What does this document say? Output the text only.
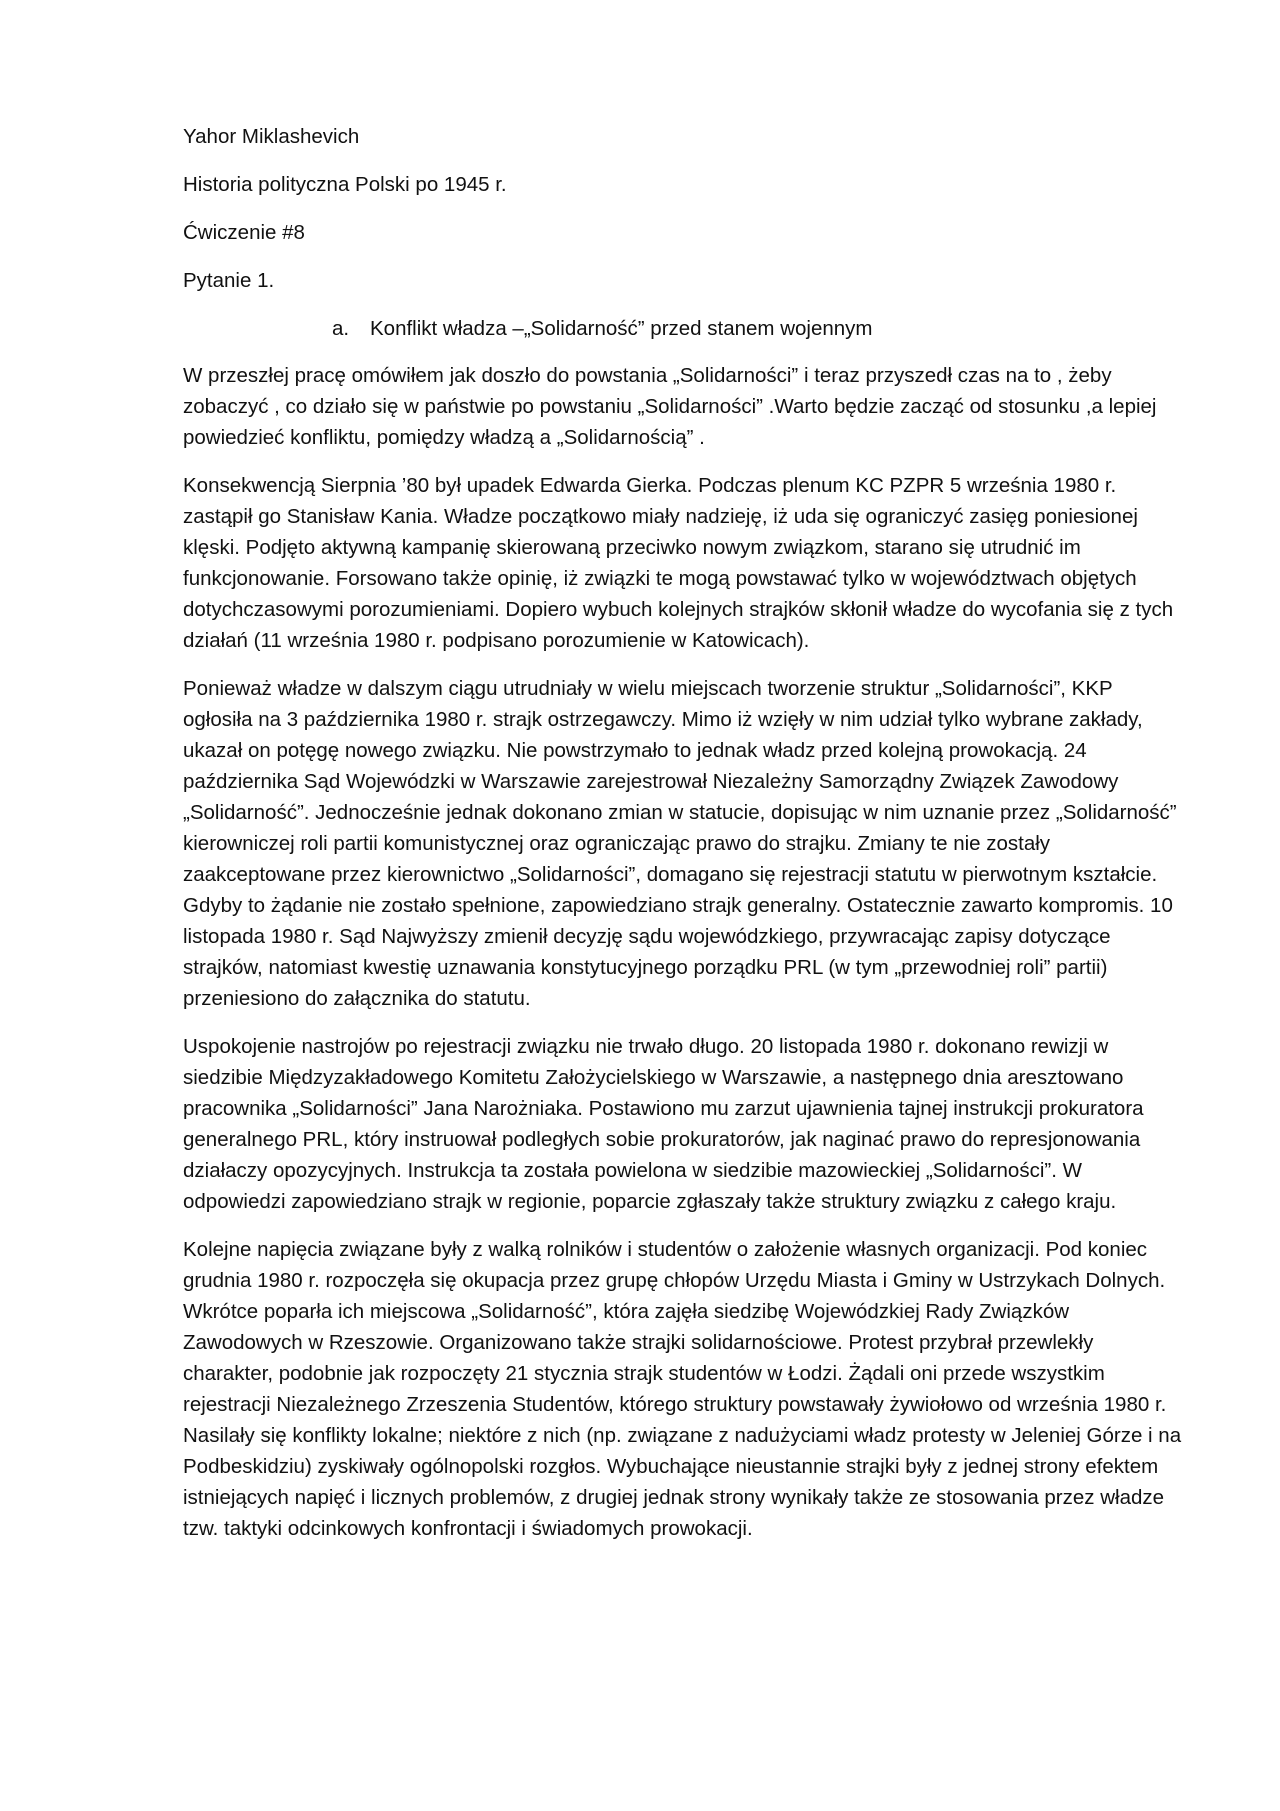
Yahor Miklashevich
Historia polityczna Polski po 1945 r.
Ćwiczenie #8
Pytanie 1.
a. Konflikt władza –„Solidarność” przed stanem wojennym

W przeszłej pracę omówiłem jak doszło do powstania „Solidarności” i teraz przyszedł czas na to , żeby zobaczyć , co działo się w państwie po powstaniu „Solidarności” .Warto będzie zacząć od stosunku ,a lepiej powiedzieć konfliktu, pomiędzy władzą a „Solidarnością” .

Konsekwencją Sierpnia ’80 był upadek Edwarda Gierka. Podczas plenum KC PZPR 5 września 1980 r. zastąpił go Stanisław Kania. Władze początkowo miały nadzieję, iż uda się ograniczyć zasięg poniesionej klęski. Podjęto aktywną kampanię skierowaną przeciwko nowym związkom, starano się utrudnić im funkcjonowanie. Forsowano także opinię, iż związki te mogą powstawać tylko w województwach objętych dotychczasowymi porozumieniami. Dopiero wybuch kolejnych strajków skłonił władze do wycofania się z tych działań (11 września 1980 r. podpisano porozumienie w Katowicach).

Ponieważ władze w dalszym ciągu utrudniały w wielu miejscach tworzenie struktur „Solidarności”, KKP ogłosiła na 3 października 1980 r. strajk ostrzegawczy. Mimo iż wzięły w nim udział tylko wybrane zakłady, ukazał on potęgę nowego związku. Nie powstrzymało to jednak władz przed kolejną prowokacją. 24 października Sąd Wojewódzki w Warszawie zarejestrował Niezależny Samorządny Związek Zawodowy „Solidarność”. Jednocześnie jednak dokonano zmian w statucie, dopisując w nim uznanie przez „Solidarność” kierowniczej roli partii komunistycznej oraz ograniczając prawo do strajku. Zmiany te nie zostały zaakceptowane przez kierownictwo „Solidarności”, domagano się rejestracji statutu w pierwotnym kształcie. Gdyby to żądanie nie zostało spełnione, zapowiedziano strajk generalny. Ostatecznie zawarto kompromis. 10 listopada 1980 r. Sąd Najwyższy zmienił decyzję sądu wojewódzkiego, przywracając zapisy dotyczące strajków, natomiast kwestię uznawania konstytucyjnego porządku PRL (w tym „przewodniej roli” partii) przeniesiono do załącznika do statutu.

Uspokojenie nastrojów po rejestracji związku nie trwało długo. 20 listopada 1980 r. dokonano rewizji w siedzibie Międzyzakładowego Komitetu Założycielskiego w Warszawie, a następnego dnia aresztowano pracownika „Solidarności” Jana Narożniaka. Postawiono mu zarzut ujawnienia tajnej instrukcji prokuratora generalnego PRL, który instruował podległych sobie prokuratorów, jak naginać prawo do represjonowania działaczy opozycyjnych. Instrukcja ta została powielona w siedzibie mazowieckiej „Solidarności”. W odpowiedzi zapowiedziano strajk w regionie, poparcie zgłaszały także struktury związku z całego kraju.

Kolejne napięcia związane były z walką rolników i studentów o założenie własnych organizacji. Pod koniec grudnia 1980 r. rozpoczęła się okupacja przez grupę chłopów Urzędu Miasta i Gminy w Ustrzykach Dolnych. Wkrótce poparła ich miejscowa „Solidarność”, która zajęła siedzibę Wojewódzkiej Rady Związków Zawodowych w Rzeszowie. Organizowano także strajki solidarnościowe. Protest przybrał przewlekły charakter, podobnie jak rozpoczęty 21 stycznia strajk studentów w Łodzi. Żądali oni przede wszystkim rejestracji Niezależnego Zrzeszenia Studentów, którego struktury powstawały żywiołowo od września 1980 r. Nasilały się konflikty lokalne; niektóre z nich (np. związane z nadużyciami władz protesty w Jeleniej Górze i na Podbeskidziu) zyskiwały ogólnopolski rozgłos. Wybuchające nieustannie strajki były z jednej strony efektem istniejących napięć i licznych problemów, z drugiej jednak strony wynikały także ze stosowania przez władze tzw. taktyki odcinkowych konfrontacji i świadomych prowokacji.
